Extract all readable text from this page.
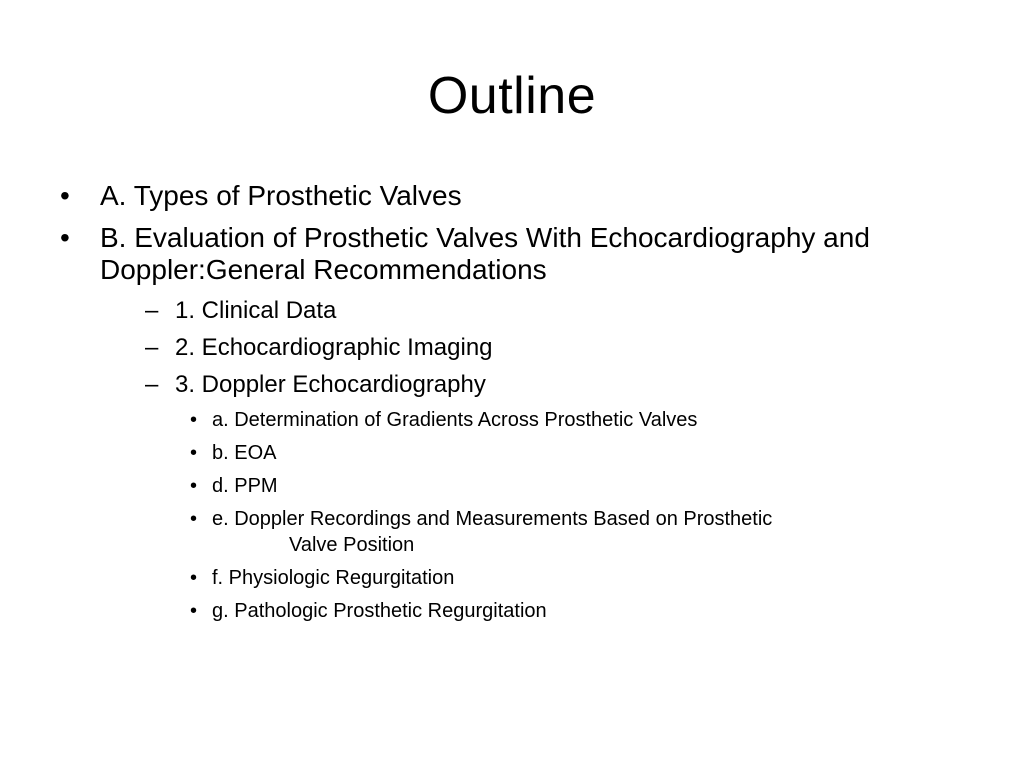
Outline
•	A. Types of Prosthetic Valves
•	B. Evaluation of Prosthetic Valves With Echocardiography and Doppler:General Recommendations
– 1. Clinical Data
– 2. Echocardiographic Imaging
– 3. Doppler Echocardiography
• a. Determination of Gradients Across Prosthetic Valves
• b. EOA
• d. PPM
• e. Doppler Recordings and Measurements Based on Prosthetic
Valve Position
• f. Physiologic Regurgitation
• g. Pathologic Prosthetic Regurgitation
